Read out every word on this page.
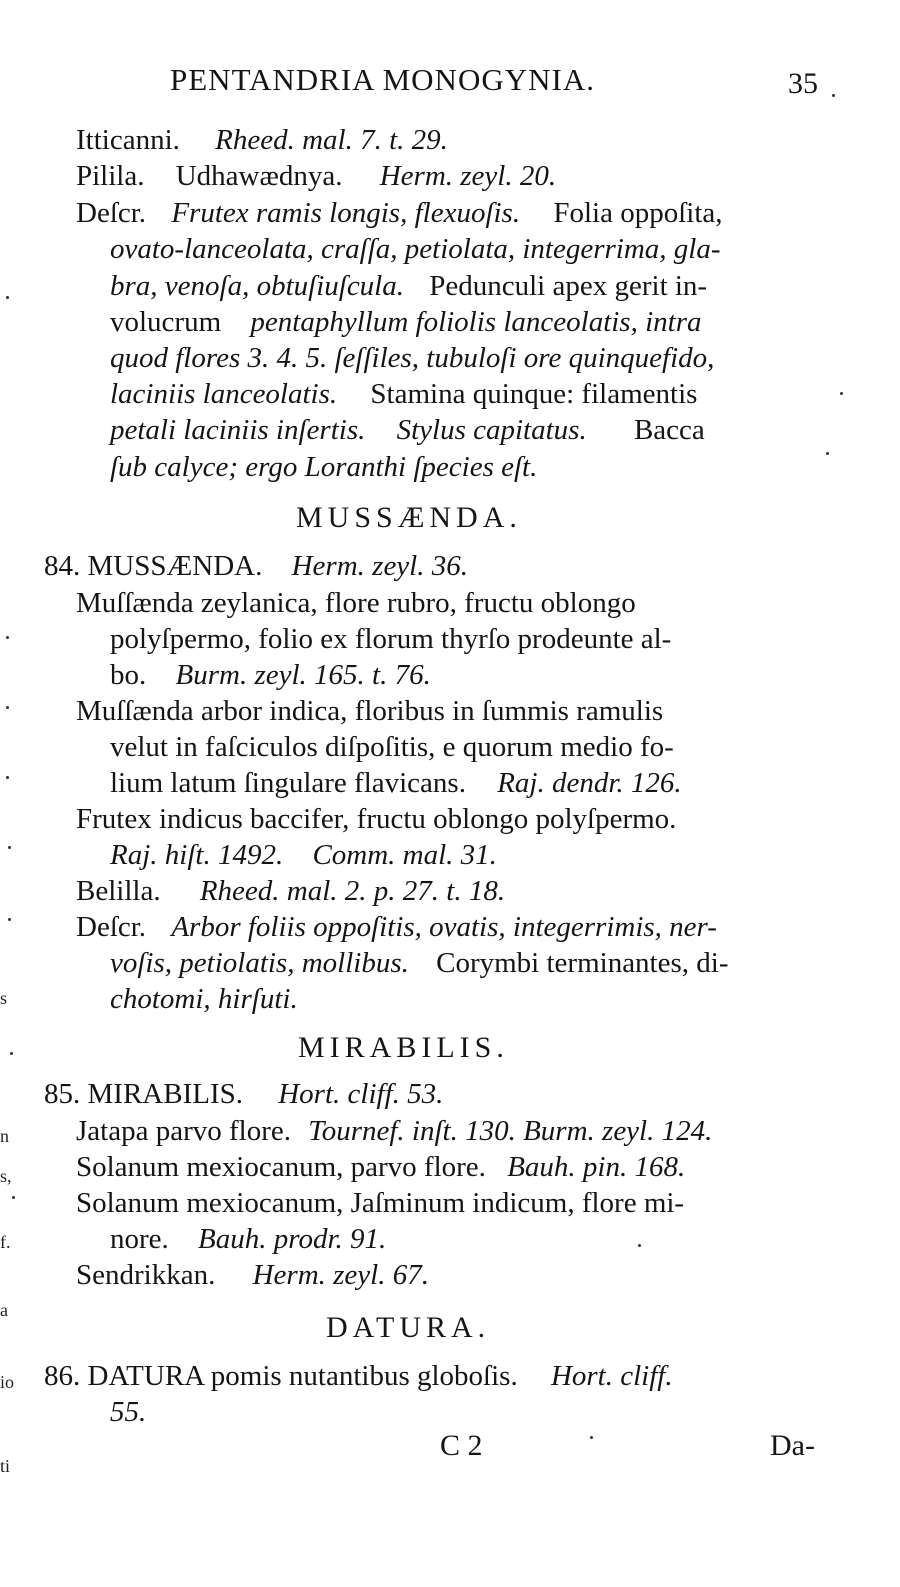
PENTANDRIA MONOGYNIA.	35
Itticanni. Rheed. mal. 7. t. 29.
Pilila. Udhawædnya. Herm. zeyl. 20.
Deſcr. Frutex ramis longis, flexuoſis. Folia oppoſita,
ovato-lanceolata, craſſa, petiolata, integerrima, gla-
bra, venoſa, obtuſiuſcula. Pedunculi apex gerit in-
volucrum pentaphyllum foliolis lanceolatis, intra
quod flores 3. 4. 5. ſeſſiles, tubuloſi ore quinquefido,
laciniis lanceolatis. Stamina quinque: filamentis
petali laciniis inſertis. Stylus capitatus. Bacca
ſub calyce; ergo Loranthi ſpecies eſt.
MUSSÆNDA.
84. MUSSÆNDA. Herm. zeyl. 36.
Muſſænda zeylanica, flore rubro, fructu oblongo
polyſpermo, folio ex florum thyrſo prodeunte al-
bo. Burm. zeyl. 165. t. 76.
Muſſænda arbor indica, floribus in ſummis ramulis
velut in faſciculos diſpoſitis, e quorum medio fo-
lium latum ſingulare flavicans. Raj. dendr. 126.
Frutex indicus baccifer, fructu oblongo polyſpermo.
Raj. hiſt. 1492. Comm. mal. 31.
Belilla. Rheed. mal. 2. p. 27. t. 18.
Deſcr. Arbor foliis oppoſitis, ovatis, integerrimis, ner-
voſis, petiolatis, mollibus. Corymbi terminantes, di-
chotomi, hirſuti.
MIRABILIS.
85. MIRABILIS. Hort. cliff. 53.
Jatapa parvo flore. Tournef. inſt. 130. Burm. zeyl. 124.
Solanum mexiocanum, parvo flore. Bauh. pin. 168.
Solanum mexiocanum, Jaſminum indicum, flore mi-
nore. Bauh. prodr. 91.
Sendrikkan. Herm. zeyl. 67.
DATURA.
86. DATURA pomis nutantibus globoſis. Hort. cliff.
55.
C 2	Da-
s
n
s,
f.
a
io
ti
